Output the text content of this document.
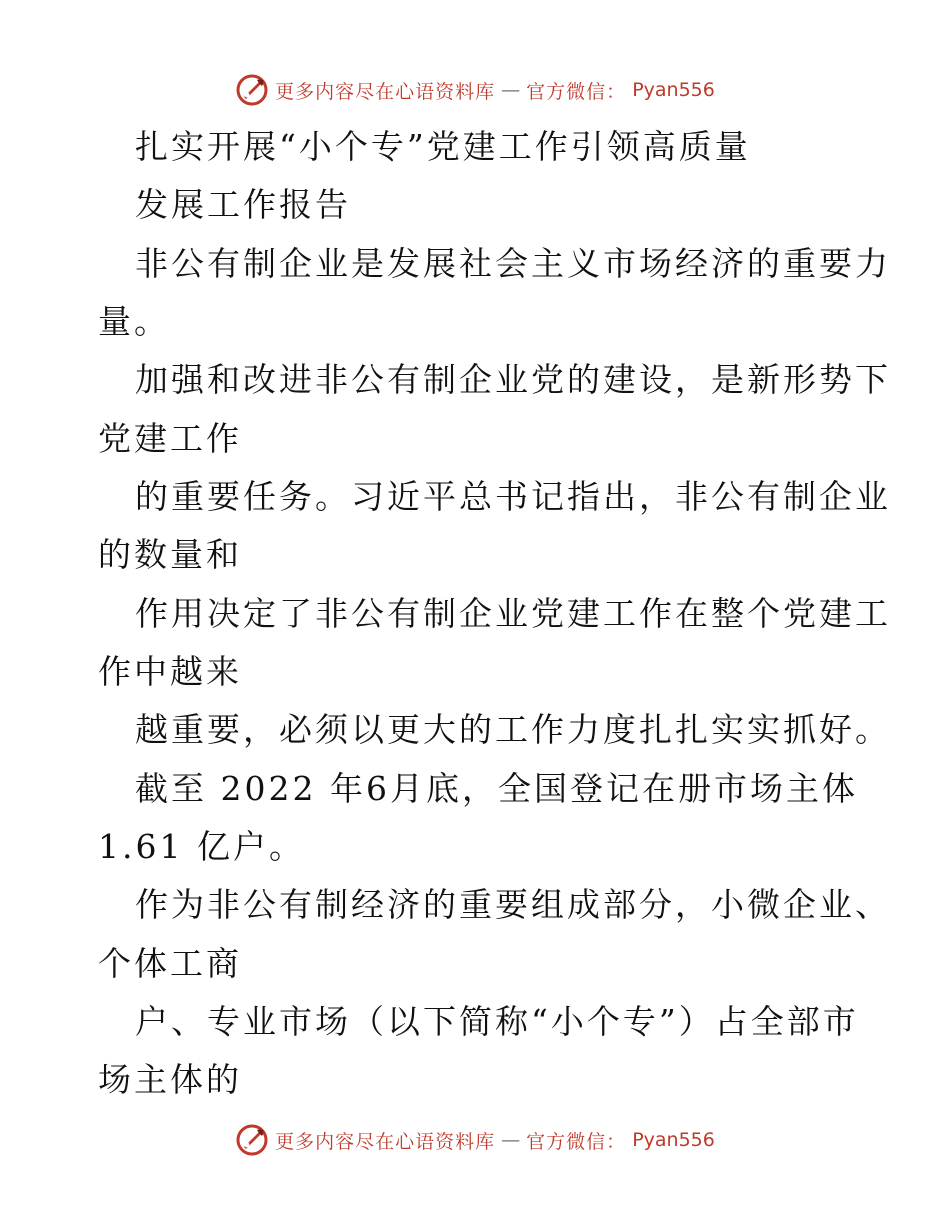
更多内容尽在心语资料库 — 官方微信： Pyan556
扎实开展“小个专”党建工作引领高质量
发展工作报告
非公有制企业是发展社会主义市场经济的重要力
量。
加强和改进非公有制企业党的建设，是新形势下
党建工作
的重要任务。习近平总书记指出，非公有制企业
的数量和
作用决定了非公有制企业党建工作在整个党建工
作中越来
越重要，必须以更大的工作力度扎扎实实抓好。
截至 2022 年6月底，全国登记在册市场主体
1.61 亿户。
作为非公有制经济的重要组成部分，小微企业、
个体工商
户、专业市场（以下简称“小个专”）占全部市
场主体的
更多内容尽在心语资料库 — 官方微信： Pyan556
